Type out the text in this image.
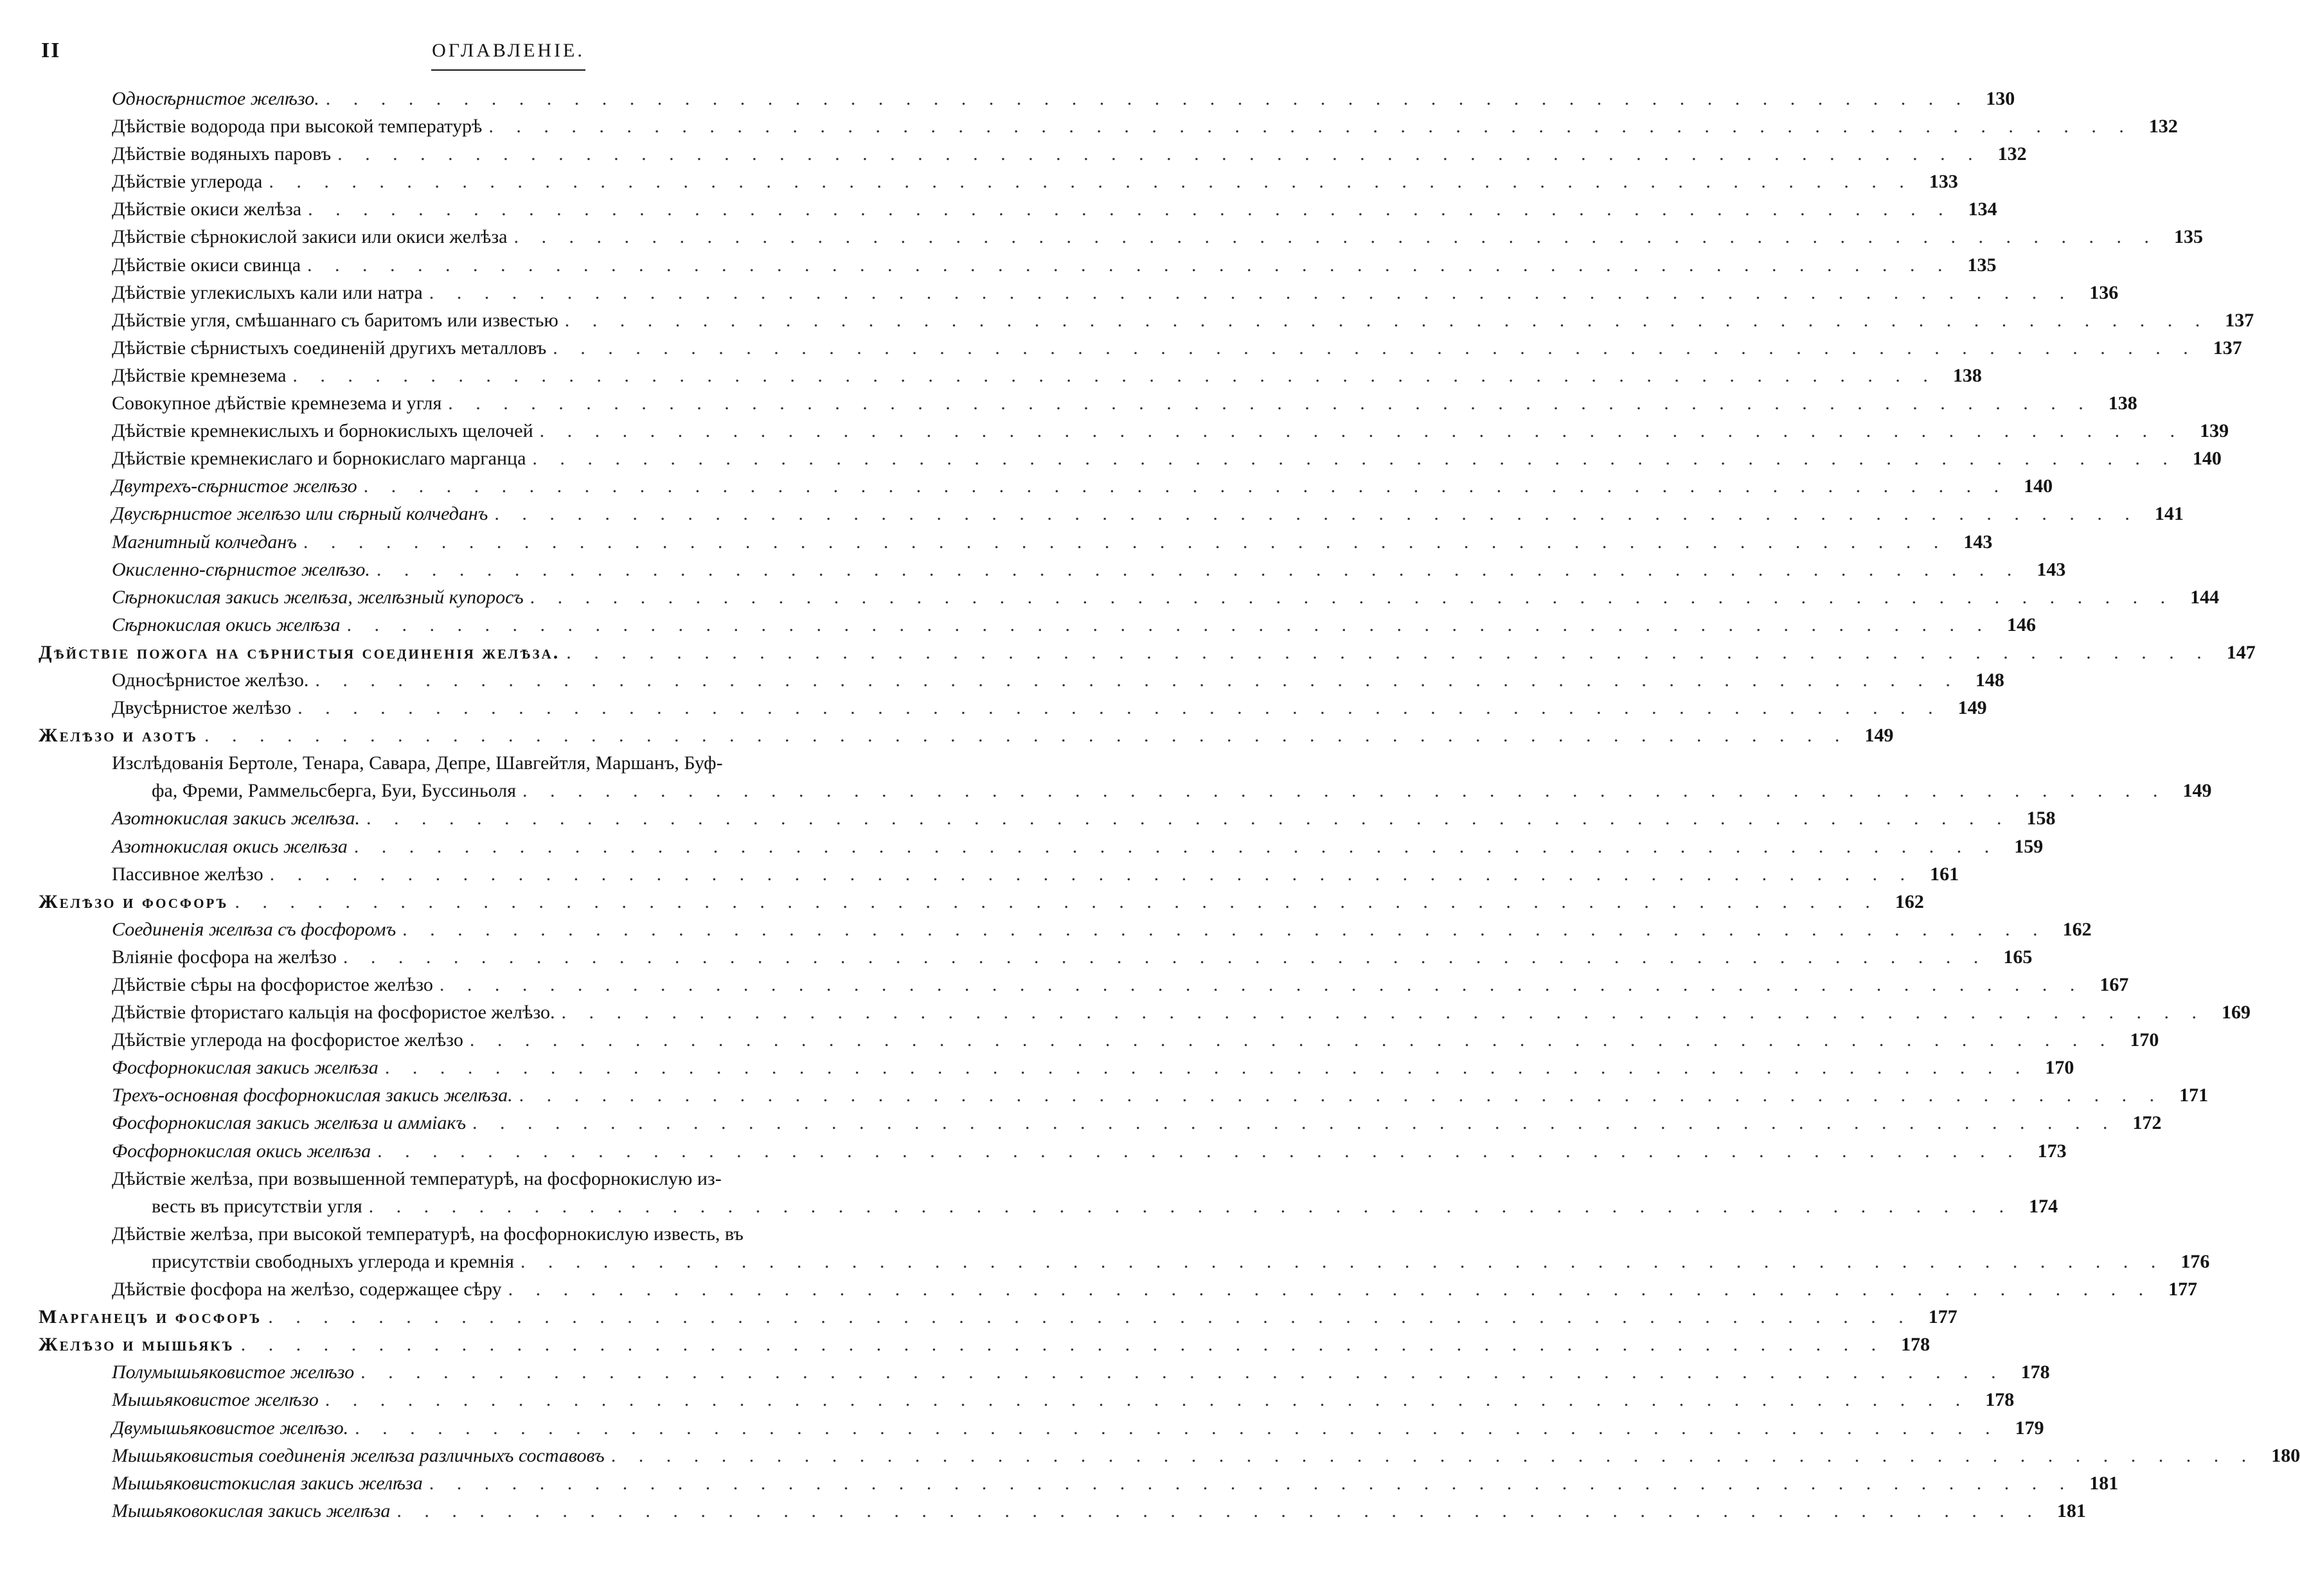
II	ОГЛАВЛЕНІЕ.
Односѣрнистое желѣзо. . . . . . . . . . . . . . . . . . . . . . . . . . . . . . . . . . . . . . . . . . . . . . . . . . . . . . . . . . . . . 130
Дѣйствіе водорода при высокой температурѣ . . . . . . . . . . . . . . . . . . . . . . . . . . . . . . . . . . . . . . . . . . . . . . . . . . . . . . . . . . . . 132
Дѣйствіе водяныхъ паровъ . . . . . . . . . . . . . . . . . . . . . . . . . . . . . . . . . . . . . . . . . . . . . . . . . . . . . . . . . . . . 132
Дѣйствіе углерода . . . . . . . . . . . . . . . . . . . . . . . . . . . . . . . . . . . . . . . . . . . . . . . . . . . . . . . . . . . . 133
Дѣйствіе окиси желѣза . . . . . . . . . . . . . . . . . . . . . . . . . . . . . . . . . . . . . . . . . . . . . . . . . . . . . . . . . . . . 134
Дѣйствіе сѣрнокислой закиси или окиси желѣза . . . . . . . . . . . . . . . . . . . . . . . . . . . . . . . . . . . . . . . . . . . . . . . . . . . . . . . . . . . . 135
Дѣйствіе окиси свинца . . . . . . . . . . . . . . . . . . . . . . . . . . . . . . . . . . . . . . . . . . . . . . . . . . . . . . . . . . . . 135
Дѣйствіе углекислыхъ кали или натра . . . . . . . . . . . . . . . . . . . . . . . . . . . . . . . . . . . . . . . . . . . . . . . . . . . . . . . . . . . . 136
Дѣйствіе угля, смѣшаннаго съ баритомъ или известью . . . . . . . . . . . . . . . . . . . . . . . . . . . . . . . . . . . . . . . . . . . . . . . . . . . . . . . . . . . . 137
Дѣйствіе сѣрнистыхъ соединеній другихъ металловъ . . . . . . . . . . . . . . . . . . . . . . . . . . . . . . . . . . . . . . . . . . . . . . . . . . . . . . . . . . . . 137
Дѣйствіе кремнезема . . . . . . . . . . . . . . . . . . . . . . . . . . . . . . . . . . . . . . . . . . . . . . . . . . . . . . . . . . . . 138
Совокупное дѣйствіе кремнезема и угля . . . . . . . . . . . . . . . . . . . . . . . . . . . . . . . . . . . . . . . . . . . . . . . . . . . . . . . . . . . . 138
Дѣйствіе кремнекислыхъ и борнокислыхъ щелочей . . . . . . . . . . . . . . . . . . . . . . . . . . . . . . . . . . . . . . . . . . . . . . . . . . . . . . . . . . . . 139
Дѣйствіе кремнекислаго и борнокислаго марганца . . . . . . . . . . . . . . . . . . . . . . . . . . . . . . . . . . . . . . . . . . . . . . . . . . . . . . . . . . . . 140
Двутрехъ-сѣрнистое желѣзо . . . . . . . . . . . . . . . . . . . . . . . . . . . . . . . . . . . . . . . . . . . . . . . . . . . . . . . . . . . . 140
Двусѣрнистое желѣзо или сѣрный колчеданъ . . . . . . . . . . . . . . . . . . . . . . . . . . . . . . . . . . . . . . . . . . . . . . . . . . . . . . . . . . . . 141
Магнитный колчеданъ . . . . . . . . . . . . . . . . . . . . . . . . . . . . . . . . . . . . . . . . . . . . . . . . . . . . . . . . . . . . 143
Окисленно-сѣрнистое желѣзо. . . . . . . . . . . . . . . . . . . . . . . . . . . . . . . . . . . . . . . . . . . . . . . . . . . . . . . . . . . . . 143
Сѣрнокислая закись желѣза, желѣзный купоросъ . . . . . . . . . . . . . . . . . . . . . . . . . . . . . . . . . . . . . . . . . . . . . . . . . . . . . . . . . . . . 144
Сѣрнокислая окись желѣза . . . . . . . . . . . . . . . . . . . . . . . . . . . . . . . . . . . . . . . . . . . . . . . . . . . . . . . . . . . . 146
Дѣйствіе пожога на сѣрнистыя соединенія желѣза. . . . . . . . . . . . . . . . . . . . . . . . . . . . . . . . . . . . . . . . . . . . . . . . . . . . . . . . . . . . . 147
Односѣрнистое желѣзо. . . . . . . . . . . . . . . . . . . . . . . . . . . . . . . . . . . . . . . . . . . . . . . . . . . . . . . . . . . . . 148
Двусѣрнистое желѣзо . . . . . . . . . . . . . . . . . . . . . . . . . . . . . . . . . . . . . . . . . . . . . . . . . . . . . . . . . . . . 149
Желѣзо и азотъ . . . . . . . . . . . . . . . . . . . . . . . . . . . . . . . . . . . . . . . . . . . . . . . . . . . . . . . . . . . . 149
Изслѣдованія Бертоле, Тенара, Савара, Депре, Шавгейтля, Маршанъ, Буф-
фа, Фреми, Раммельсберга, Буи, Буссиньоля . . . . . . . . . . . . . . . . . . . . . . . . . . . . . . . . . . . . . . . . . . . . . . . . . . . . . . . . . . . . 149
Азотнокислая закись желѣза. . . . . . . . . . . . . . . . . . . . . . . . . . . . . . . . . . . . . . . . . . . . . . . . . . . . . . . . . . . . . 158
Азотнокислая окись желѣза . . . . . . . . . . . . . . . . . . . . . . . . . . . . . . . . . . . . . . . . . . . . . . . . . . . . . . . . . . . . 159
Пассивное желѣзо . . . . . . . . . . . . . . . . . . . . . . . . . . . . . . . . . . . . . . . . . . . . . . . . . . . . . . . . . . . . 161
Желѣзо и фосфоръ . . . . . . . . . . . . . . . . . . . . . . . . . . . . . . . . . . . . . . . . . . . . . . . . . . . . . . . . . . . . 162
Соединенія желѣза съ фосфоромъ . . . . . . . . . . . . . . . . . . . . . . . . . . . . . . . . . . . . . . . . . . . . . . . . . . . . . . . . . . . . 162
Вліяніе фосфора на желѣзо . . . . . . . . . . . . . . . . . . . . . . . . . . . . . . . . . . . . . . . . . . . . . . . . . . . . . . . . . . . . 165
Дѣйствіе сѣры на фосфористое желѣзо . . . . . . . . . . . . . . . . . . . . . . . . . . . . . . . . . . . . . . . . . . . . . . . . . . . . . . . . . . . . 167
Дѣйствіе фтористаго кальція на фосфористое желѣзо. . . . . . . . . . . . . . . . . . . . . . . . . . . . . . . . . . . . . . . . . . . . . . . . . . . . . . . . . . . . . 169
Дѣйствіе углерода на фосфористое желѣзо . . . . . . . . . . . . . . . . . . . . . . . . . . . . . . . . . . . . . . . . . . . . . . . . . . . . . . . . . . . . 170
Фосфорнокислая закись желѣза . . . . . . . . . . . . . . . . . . . . . . . . . . . . . . . . . . . . . . . . . . . . . . . . . . . . . . . . . . . . 170
Трехъ-основная фосфорнокислая закись желѣза. . . . . . . . . . . . . . . . . . . . . . . . . . . . . . . . . . . . . . . . . . . . . . . . . . . . . . . . . . . . . 171
Фосфорнокислая закись желѣза и аммiакъ . . . . . . . . . . . . . . . . . . . . . . . . . . . . . . . . . . . . . . . . . . . . . . . . . . . . . . . . . . . . 172
Фосфорнокислая окись желѣза . . . . . . . . . . . . . . . . . . . . . . . . . . . . . . . . . . . . . . . . . . . . . . . . . . . . . . . . . . . . 173
Дѣйствіе желѣза, при возвышенной температурѣ, на фосфорнокислую из-
весть въ присутствіи угля . . . . . . . . . . . . . . . . . . . . . . . . . . . . . . . . . . . . . . . . . . . . . . . . . . . . . . . . . . . . 174
Дѣйствіе желѣза, при высокой температурѣ, на фосфорнокислую известь, въ
присутствіи свободныхъ углерода и кремнія . . . . . . . . . . . . . . . . . . . . . . . . . . . . . . . . . . . . . . . . . . . . . . . . . . . . . . . . . . . . 176
Дѣйствіе фосфора на желѣзо, содержащее сѣру . . . . . . . . . . . . . . . . . . . . . . . . . . . . . . . . . . . . . . . . . . . . . . . . . . . . . . . . . . . . 177
Марганецъ и фосфоръ . . . . . . . . . . . . . . . . . . . . . . . . . . . . . . . . . . . . . . . . . . . . . . . . . . . . . . . . . . . . 177
Желѣзо и мышьякъ . . . . . . . . . . . . . . . . . . . . . . . . . . . . . . . . . . . . . . . . . . . . . . . . . . . . . . . . . . . . 178
Полумышьяковистое желѣзо . . . . . . . . . . . . . . . . . . . . . . . . . . . . . . . . . . . . . . . . . . . . . . . . . . . . . . . . . . . . 178
Мышьяковистое желѣзо . . . . . . . . . . . . . . . . . . . . . . . . . . . . . . . . . . . . . . . . . . . . . . . . . . . . . . . . . . . . 178
Двумышьяковистое желѣзо. . . . . . . . . . . . . . . . . . . . . . . . . . . . . . . . . . . . . . . . . . . . . . . . . . . . . . . . . . . . . 179
Мышьяковистыя соединенія желѣза различныхъ составовъ . . . . . . . . . . . . . . . . . . . . . . . . . . . . . . . . . . . . . . . . . . . . . . . . . . . . . . . . . . . . 180
Мышьяковистокислая закись желѣза . . . . . . . . . . . . . . . . . . . . . . . . . . . . . . . . . . . . . . . . . . . . . . . . . . . . . . . . . . . . 181
Мышьяковокислая закись желѣза . . . . . . . . . . . . . . . . . . . . . . . . . . . . . . . . . . . . . . . . . . . . . . . . . . . . . . . . . . . . 181
